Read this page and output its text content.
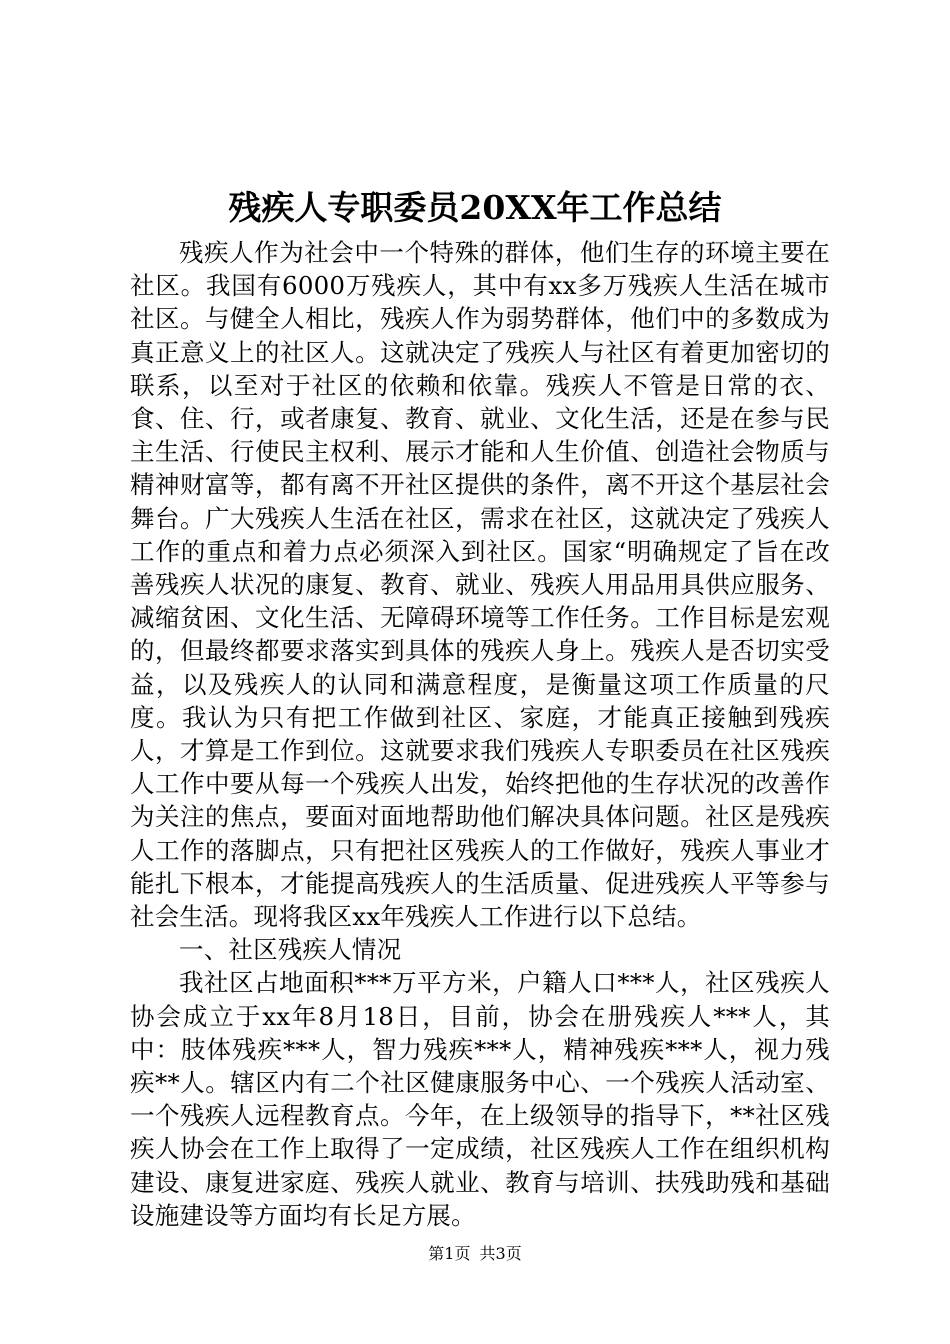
残疾人专职委员20XX年工作总结

残疾人作为社会中一个特殊的群体，他们生存的环境主要在社区。我国有6000万残疾人，其中有xx多万残疾人生活在城市社区。与健全人相比，残疾人作为弱势群体，他们中的多数成为真正意义上的社区人。这就决定了残疾人与社区有着更加密切的联系，以至对于社区的依赖和依靠。残疾人不管是日常的衣、食、住、行，或者康复、教育、就业、文化生活，还是在参与民主生活、行使民主权利、展示才能和人生价值、创造社会物质与精神财富等，都有离不开社区提供的条件，离不开这个基层社会舞台。广大残疾人生活在社区，需求在社区，这就决定了残疾人工作的重点和着力点必须深入到社区。国家“明确规定了旨在改善残疾人状况的康复、教育、就业、残疾人用品用具供应服务、减缩贫困、文化生活、无障碍环境等工作任务。工作目标是宏观的，但最终都要求落实到具体的残疾人身上。残疾人是否切实受益，以及残疾人的认同和满意程度，是衡量这项工作质量的尺度。我认为只有把工作做到社区、家庭，才能真正接触到残疾人，才算是工作到位。这就要求我们残疾人专职委员在社区残疾人工作中要从每一个残疾人出发，始终把他的生存状况的改善作为关注的焦点，要面对面地帮助他们解决具体问题。社区是残疾人工作的落脚点，只有把社区残疾人的工作做好，残疾人事业才能扎下根本，才能提高残疾人的生活质量、促进残疾人平等参与社会生活。现将我区xx年残疾人工作进行以下总结。

一、社区残疾人情况

我社区占地面积***万平方米，户籍人口***人，社区残疾人协会成立于xx年8月18日，目前，协会在册残疾人***人，其中：肢体残疾***人，智力残疾***人，精神残疾***人，视力残疾**人。辖区内有二个社区健康服务中心、一个残疾人活动室、一个残疾人远程教育点。今年，在上级领导的指导下，**社区残疾人协会在工作上取得了一定成绩，社区残疾人工作在组织机构建设、康复进家庭、残疾人就业、教育与培训、扶残助残和基础设施建设等方面均有长足方展。

第1页 共3页
